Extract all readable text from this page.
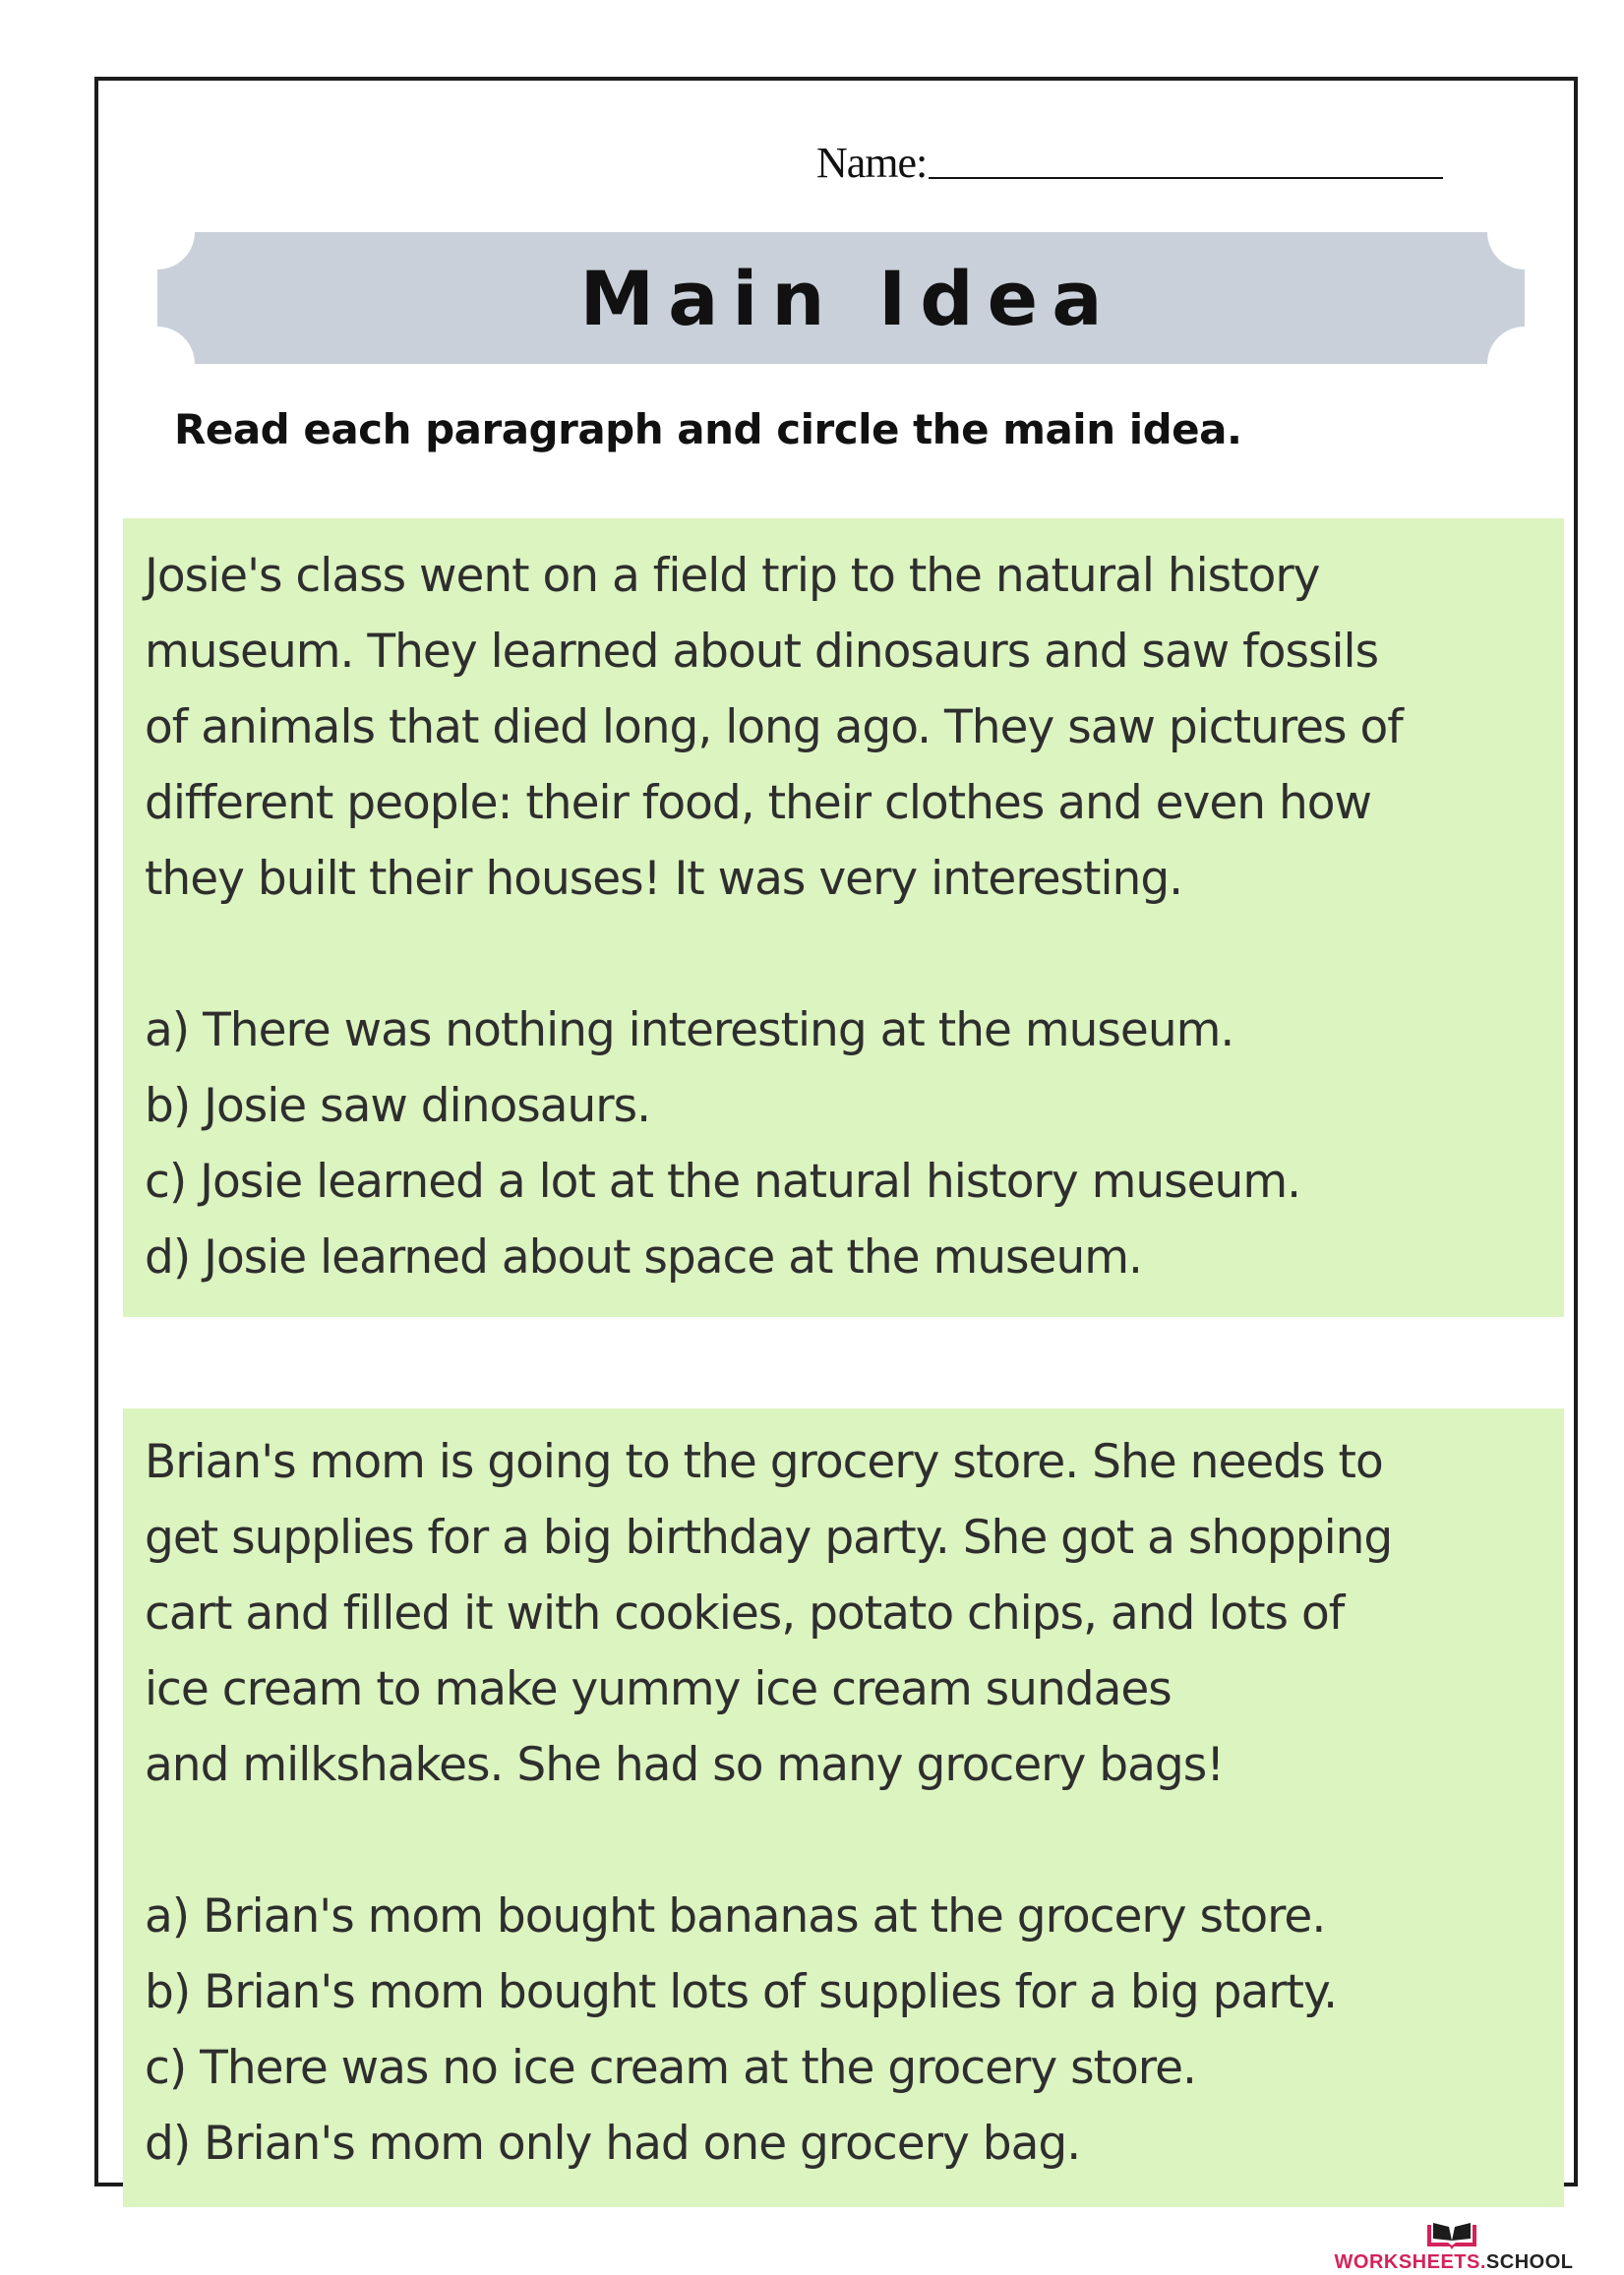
Name:
Main Idea
Read each paragraph and circle the main idea.
Josie's class went on a field trip to the natural history
museum. They learned about dinosaurs and saw fossils
of animals that died long, long ago. They saw pictures of
different people: their food, their clothes and even how
they built their houses! It was very interesting.
a) There was nothing interesting at the museum.
b) Josie saw dinosaurs.
c) Josie learned a lot at the natural history museum.
d) Josie learned about space at the museum.
Brian's mom is going to the grocery store. She needs to
get supplies for a big birthday party. She got a shopping
cart and filled it with cookies, potato chips, and lots of
ice cream to make yummy ice cream sundaes
and milkshakes. She had so many grocery bags!
a) Brian's mom bought bananas at the grocery store.
b) Brian's mom bought lots of supplies for a big party.
c) There was no ice cream at the grocery store.
d) Brian's mom only had one grocery bag.
WORKSHEETS.SCHOOL
